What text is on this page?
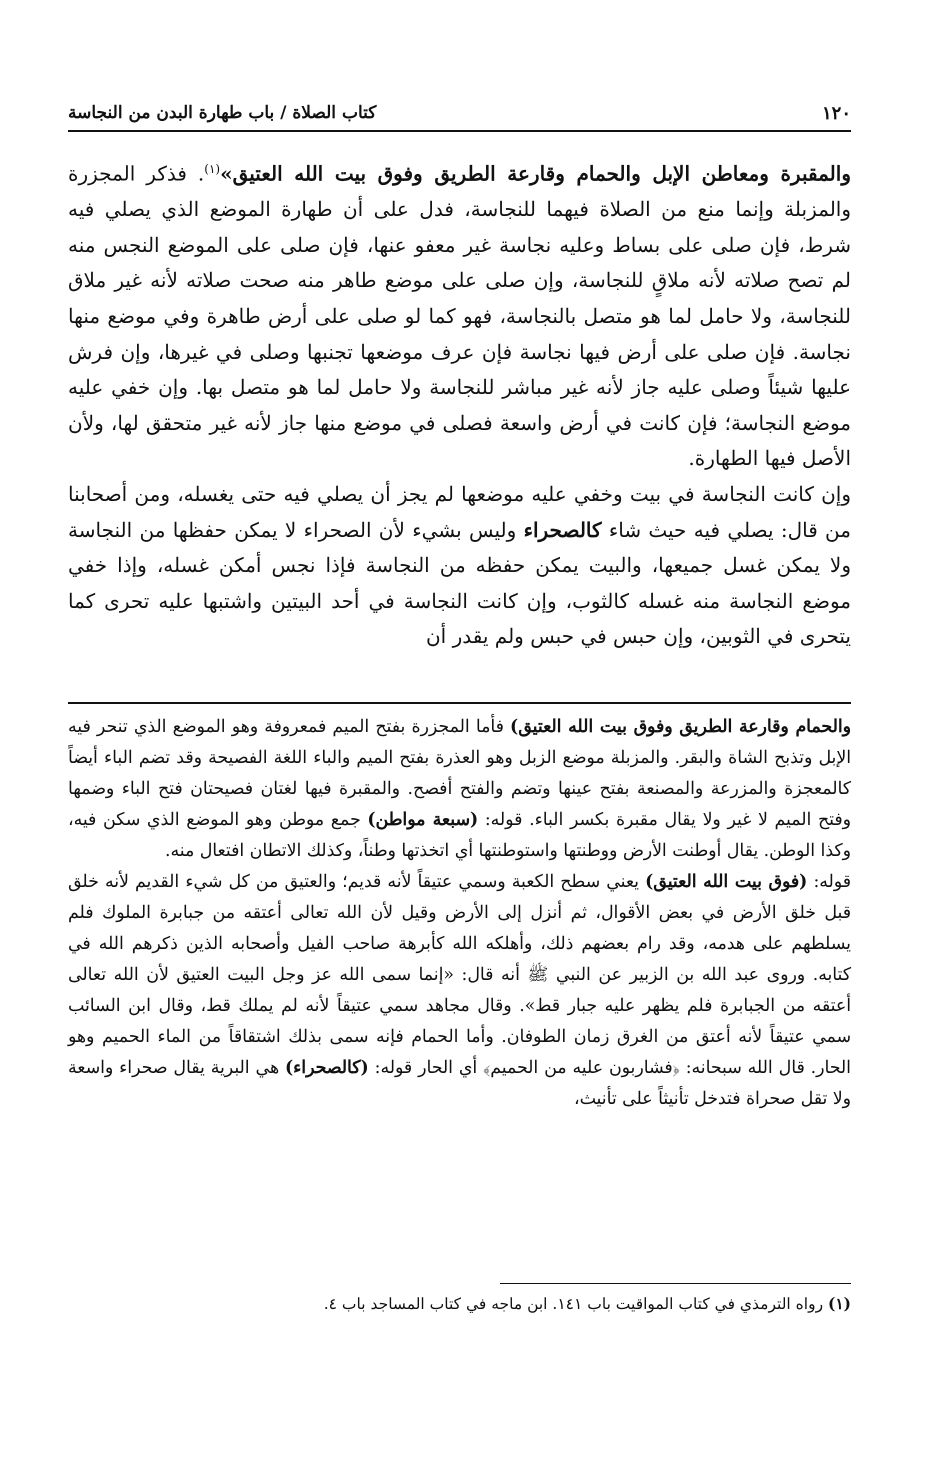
١٢٠
كتاب الصلاة / باب طهارة البدن من النجاسة

والمقبرة ومعاطن الإبل والحمام وقارعة الطريق وفوق بيت الله العتيق»$^{(١)}$. فذكر المجزرة والمزبلة وإنما منع من الصلاة فيهما للنجاسة، فدل على أن طهارة الموضع الذي يصلي فيه شرط، فإن صلى على بساط وعليه نجاسة غير معفو عنها، فإن صلى على الموضع النجس منه لم تصح صلاته لأنه ملاقٍ للنجاسة، وإن صلى على موضع طاهر منه صحت صلاته لأنه غير ملاق للنجاسة، ولا حامل لما هو متصل بالنجاسة، فهو كما لو صلى على أرض طاهرة وفي موضع منها نجاسة. فإن صلى على أرض فيها نجاسة فإن عرف موضعها تجنبها وصلى في غيرها، وإن فرش عليها شيئاً وصلى عليه جاز لأنه غير مباشر للنجاسة ولا حامل لما هو متصل بها. وإن خفي عليه موضع النجاسة؛ فإن كانت في أرض واسعة فصلى في موضع منها جاز لأنه غير متحقق لها، ولأن الأصل فيها الطهارة.

وإن كانت النجاسة في بيت وخفي عليه موضعها لم يجز أن يصلي فيه حتى يغسله، ومن أصحابنا من قال: يصلي فيه حيث شاء كالصحراء وليس بشيء لأن الصحراء لا يمكن حفظها من النجاسة ولا يمكن غسل جميعها، والبيت يمكن حفظه من النجاسة فإذا نجس أمكن غسله، وإذا خفي موضع النجاسة منه غسله كالثوب، وإن كانت النجاسة في أحد البيتين واشتبها عليه تحرى كما يتحرى في الثوبين، وإن حبس في حبس ولم يقدر أن

والحمام وقارعة الطريق وفوق بيت الله العتيق) فأما المجزرة بفتح الميم فمعروفة وهو الموضع الذي تنحر فيه الإبل وتذبح الشاة والبقر. والمزبلة موضع الزبل وهو العذرة بفتح الميم والباء اللغة الفصيحة وقد تضم الباء أيضاً كالمعجزة والمزرعة والمصنعة بفتح عينها وتضم والفتح أفصح. والمقبرة فيها لغتان فصيحتان فتح الباء وضمها وفتح الميم لا غير ولا يقال مقبرة بكسر الباء. قوله: (سبعة مواطن) جمع موطن وهو الموضع الذي سكن فيه، وكذا الوطن. يقال أوطنت الأرض ووطنتها واستوطنتها أي اتخذتها وطناً، وكذلك الاتطان افتعال منه.

قوله: (فوق بيت الله العتيق) يعني سطح الكعبة وسمي عتيقاً لأنه قديم؛ والعتيق من كل شيء القديم لأنه خلق قبل خلق الأرض في بعض الأقوال، ثم أنزل إلى الأرض وقيل لأن الله تعالى أعتقه من جبابرة الملوك فلم يسلطهم على هدمه، وقد رام بعضهم ذلك، وأهلكه الله كأبرهة صاحب الفيل وأصحابه الذين ذكرهم الله في كتابه. وروى عبد الله بن الزبير عن النبي ﷺ أنه قال: «إنما سمى الله عز وجل البيت العتيق لأن الله تعالى أعتقه من الجبابرة فلم يظهر عليه جبار قط». وقال مجاهد سمي عتيقاً لأنه لم يملك قط، وقال ابن السائب سمي عتيقاً لأنه أعتق من الغرق زمان الطوفان. وأما الحمام فإنه سمى بذلك اشتقاقاً من الماء الحميم وهو الحار. قال الله سبحانه: ﴿فشاربون عليه من الحميم﴾ أي الحار قوله: (كالصحراء) هي البرية يقال صحراء واسعة ولا تقل صحراة فتدخل تأنيثاً على تأنيث،

(١) رواه الترمذي في كتاب المواقيت باب ١٤١. ابن ماجه في كتاب المساجد باب ٤.
